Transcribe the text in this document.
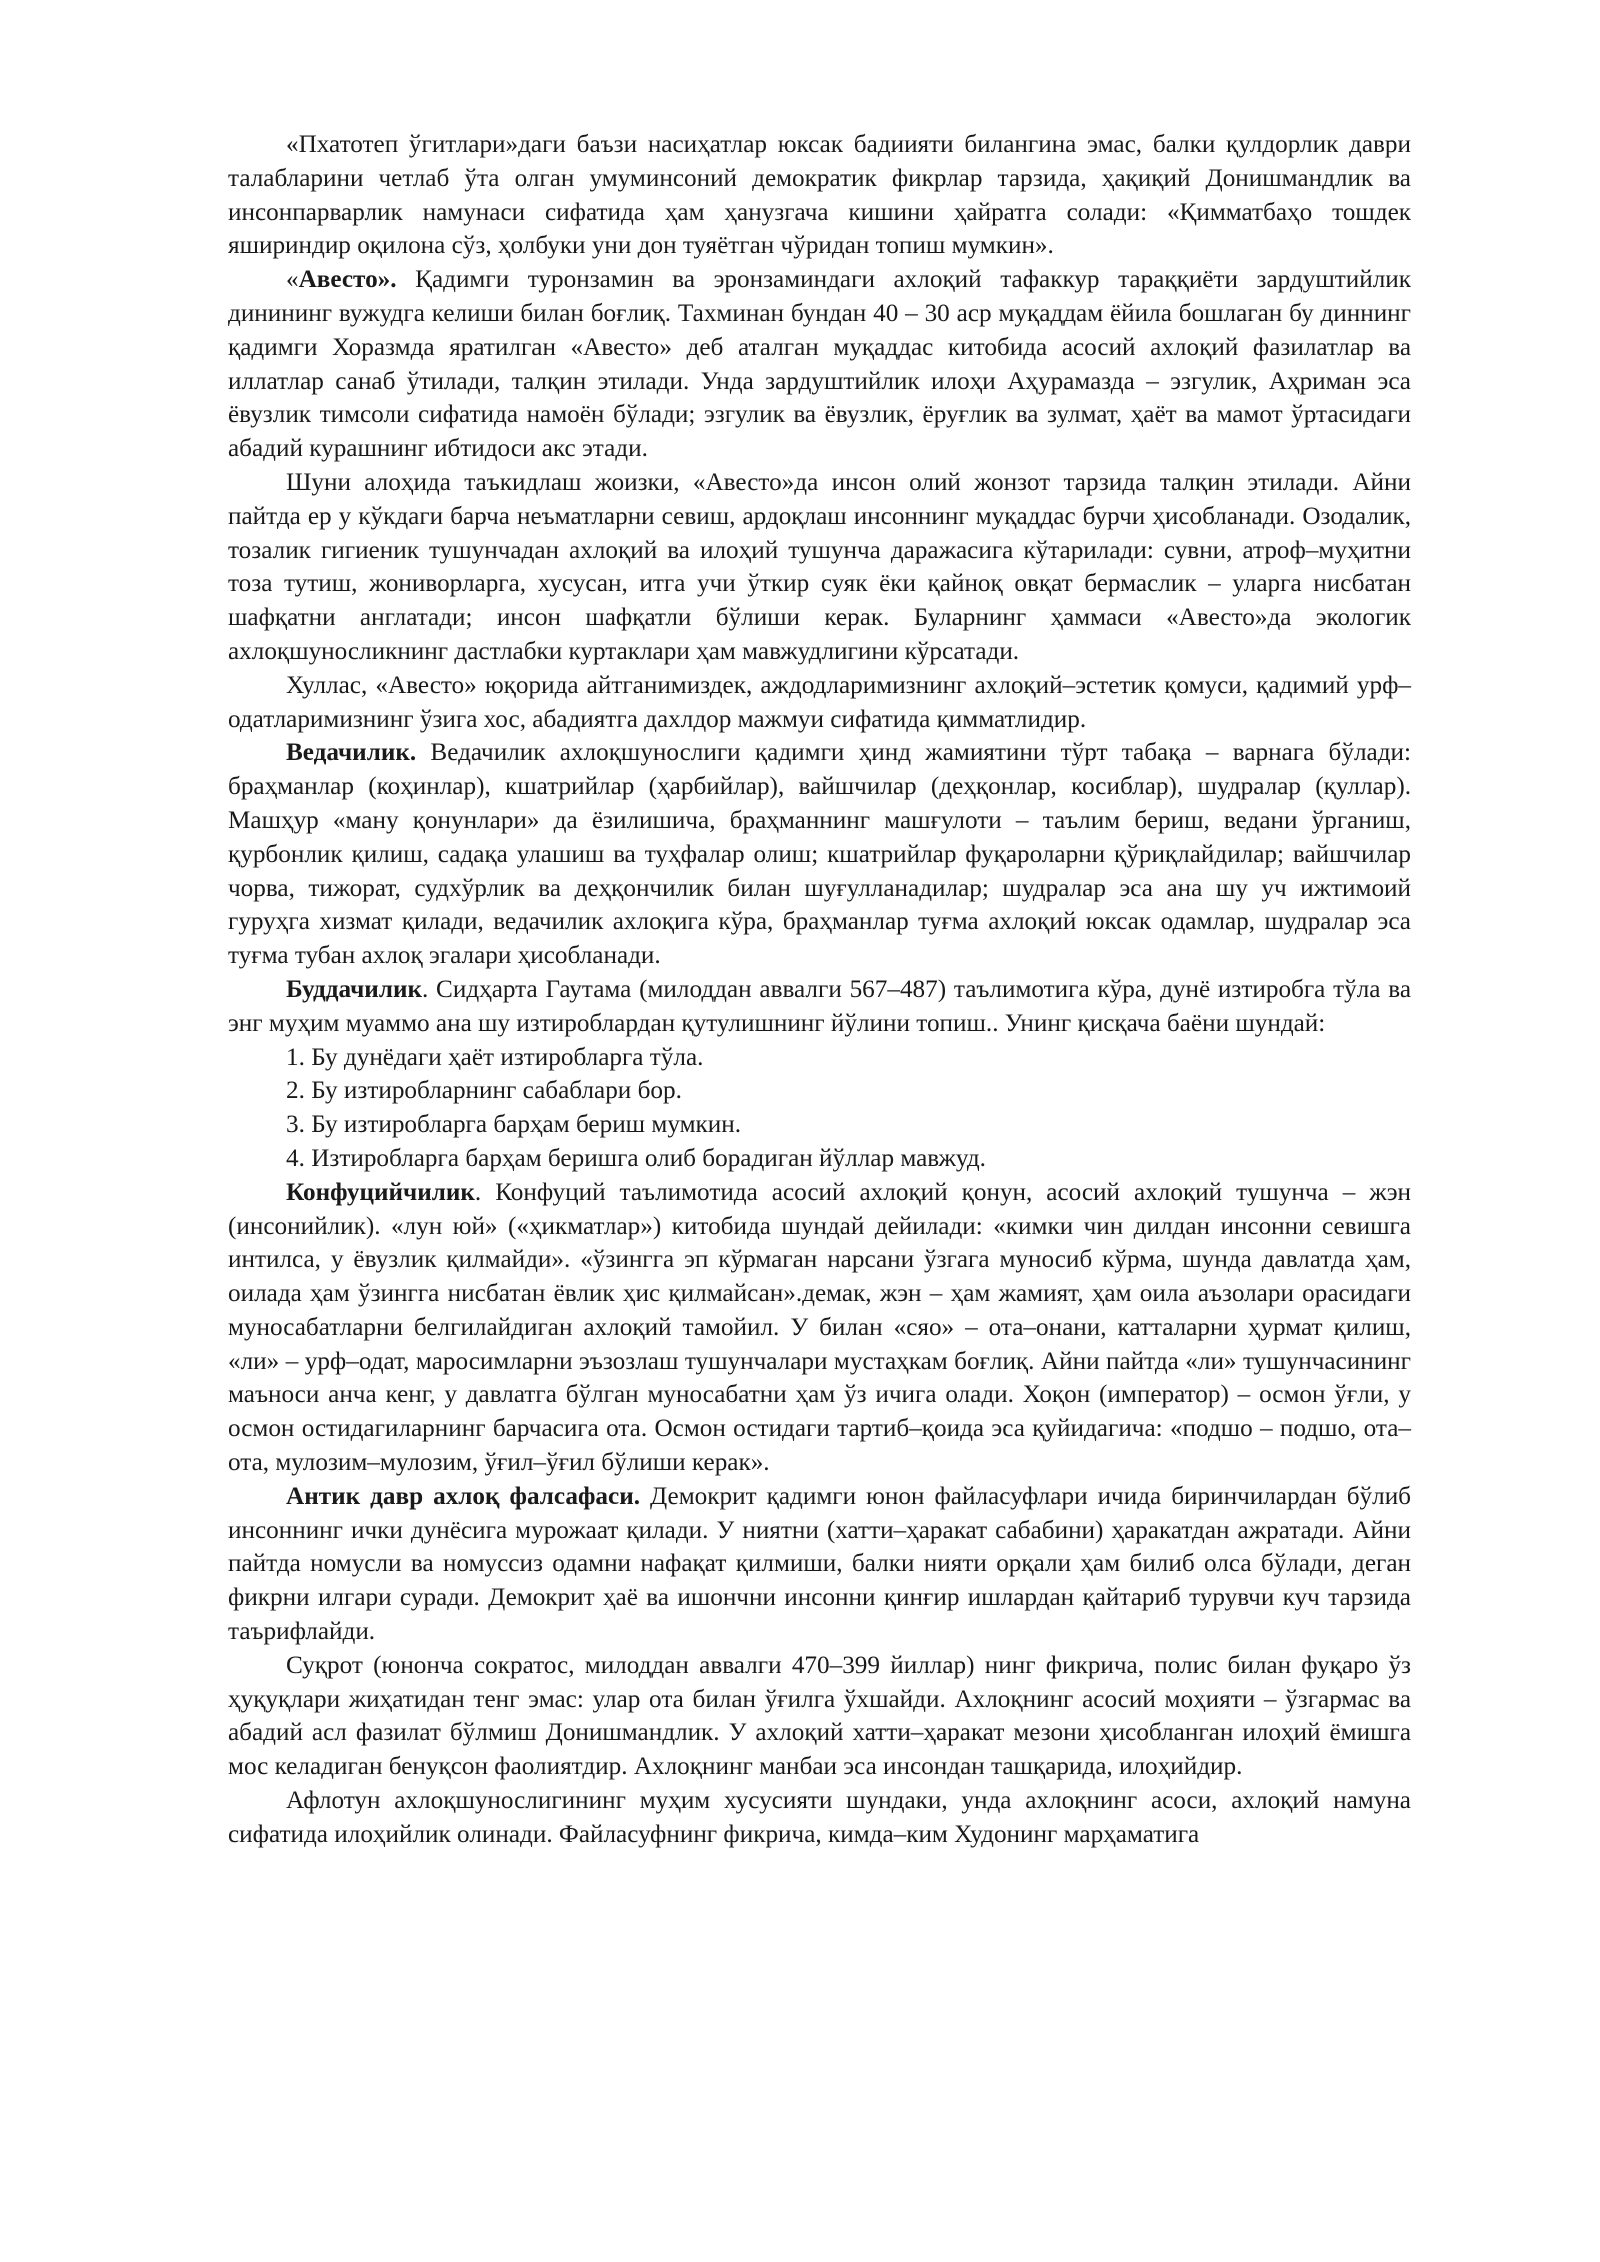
«Пхатотеп ўгитлари»даги баъзи насиҳатлар юксак бадиияти билангина эмас, балки қулдорлик даври талабларини четлаб ўта олган умуминсоний демократик фикрлар тарзида, ҳақиқий Донишмандлик ва инсонпарварлик намунаси сифатида ҳам ҳанузгача кишини ҳайратга солади: «Қимматбаҳо тошдек яшириндир оқилона сўз, ҳолбуки уни дон туяётган чўридан топиш мумкин».

«Авесто». Қадимги туронзамин ва эронзаминдаги ахлоқий тафаккур тараққиёти зардуштийлик динининг вужудга келиши билан боғлиқ. Тахминан бундан 40 – 30 аср муқаддам ёйила бошлаган бу диннинг қадимги Хоразмда яратилган «Авесто» деб аталган муқаддас китобида асосий ахлоқий фазилатлар ва иллатлар санаб ўтилади, талқин этилади. Унда зардуштийлик илоҳи Аҳурамазда – эзгулик, Аҳриман эса ёвузлик тимсоли сифатида намоён бўлади; эзгулик ва ёвузлик, ёруғлик ва зулмат, ҳаёт ва мамот ўртасидаги абадий курашнинг ибтидоси акс этади.

Шуни алоҳида таъкидлаш жоизки, «Авесто»да инсон олий жонзот тарзида талқин этилади. Айни пайтда ер у кўкдаги барча неъматларни севиш, ардоқлаш инсоннинг муқаддас бурчи ҳисобланади. Озодалик, тозалик гигиеник тушунчадан ахлоқий ва илоҳий тушунча даражасига кўтарилади: сувни, атроф–муҳитни тоза тутиш, жониворларга, хусусан, итга учи ўткир суяк ёки қайноқ овқат бермаслик – уларга нисбатан шафқатни англатади; инсон шафқатли бўлиши керак. Буларнинг ҳаммаси «Авесто»да экологик ахлоқшуносликнинг дастлабки куртаклари ҳам мавжудлигини кўрсатади.

Хуллас, «Авесто» юқорида айтганимиздек, аждодларимизнинг ахлоқий–эстетик қомуси, қадимий урф–одатларимизнинг ўзига хос, абадиятга дахлдор мажмуи сифатида қимматлидир.

Ведачилик. Ведачилик ахлоқшунослиги қадимги ҳинд жамиятини тўрт табақа – варнага бўлади: браҳманлар (коҳинлар), кшатрийлар (ҳарбийлар), вайшчилар (деҳқонлар, косиблар), шудралар (қуллар). Машҳур «ману қонунлари» да ёзилишича, браҳманнинг машғулоти – таълим бериш, ведани ўрганиш, қурбонлик қилиш, садақа улашиш ва туҳфалар олиш; кшатрийлар фуқароларни қўриқлайдилар; вайшчилар чорва, тижорат, судхўрлик ва деҳқончилик билан шуғулланадилар; шудралар эса ана шу уч ижтимоий гуруҳга хизмат қилади, ведачилик ахлоқига кўра, браҳманлар туғма ахлоқий юксак одамлар, шудралар эса туғма тубан ахлоқ эгалари ҳисобланади.

Буддачилик. Сидҳарта Гаутама (милоддан аввалги 567–487) таълимотига кўра, дунё изтиробга тўла ва энг муҳим муаммо ана шу изтироблардан қутулишнинг йўлини топиш.. Унинг қисқача баёни шундай:

1. Бу дунёдаги ҳаёт изтиробларга тўла.

2. Бу изтиробларнинг сабаблари бор.

3. Бу изтиробларга барҳам бериш мумкин.

4. Изтиробларга барҳам беришга олиб борадиган йўллар мавжуд.

Конфуцийчилик. Конфуций таълимотида асосий ахлоқий қонун, асосий ахлоқий тушунча – жэн (инсонийлик). «лун юй» («ҳикматлар») китобида шундай дейилади: «кимки чин дилдан инсонни севишга интилса, у ёвузлик қилмайди». «ўзингга эп кўрмаган нарсани ўзгага муносиб кўрма, шунда давлатда ҳам, оилада ҳам ўзингга нисбатан ёвлик ҳис қилмайсан».демак, жэн – ҳам жамият, ҳам оила аъзолари орасидаги муносабатларни белгилайдиган ахлоқий тамойил. У билан «сяо» – ота–онани, катталарни ҳурмат қилиш, «ли» – урф–одат, маросимларни эъзозлаш тушунчалари мустаҳкам боғлиқ. Айни пайтда «ли» тушунчасининг маъноси анча кенг, у давлатга бўлган муносабатни ҳам ўз ичига олади. Хоқон (император) – осмон ўғли, у осмон остидагиларнинг барчасига ота. Осмон остидаги тартиб–қоида эса қуйидагича: «подшо – подшо, ота–ота, мулозим–мулозим, ўғил–ўғил бўлиши керак».

Антик давр ахлоқ фалсафаси. Демокрит қадимги юнон файласуфлари ичида биринчилардан бўлиб инсоннинг ички дунёсига мурожаат қилади. У ниятни (хатти–ҳаракат сабабини) ҳаракатдан ажратади. Айни пайтда номусли ва номуссиз одамни нафақат қилмиши, балки нияти орқали ҳам билиб олса бўлади, деган фикрни илгари суради. Демокрит ҳаё ва ишончни инсонни қинғир ишлардан қайтариб турувчи куч тарзида таърифлайди.

Суқрот (юнонча сократос, милоддан аввалги 470–399 йиллар) нинг фикрича, полис билан фуқаро ўз ҳуқуқлари жиҳатидан тенг эмас: улар ота билан ўғилга ўхшайди. Ахлоқнинг асосий моҳияти – ўзгармас ва абадий асл фазилат бўлмиш Донишмандлик. У ахлоқий хатти–ҳаракат мезони ҳисобланган илоҳий ёмишга мос келадиган бенуқсон фаолиятдир. Ахлоқнинг манбаи эса инсондан ташқарида, илоҳийдир.

Афлотун ахлоқшунослигининг муҳим хусусияти шундаки, унда ахлоқнинг асоси, ахлоқий намуна сифатида илоҳийлик олинади. Файласуфнинг фикрича, кимда–ким Худонинг марҳаматига
